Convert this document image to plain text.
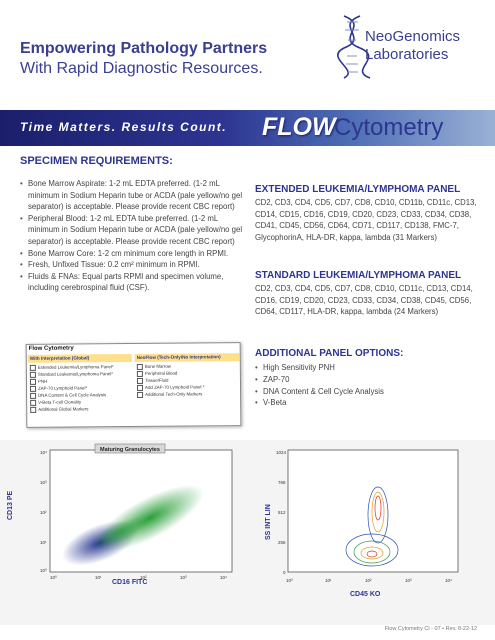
Empowering Pathology Partners
With Rapid Diagnostic Resources.
NeoGenomics
Laboratories
Time Matters. Results Count. FLOW
Cytometry
SPECIMEN REQUIREMENTS:
• Bone Marrow Aspirate: 1-2 mL EDTA preferred. (1-2 mL minimum in Sodium Heparin tube or ACDA (pale yellow/no gel separator) is acceptable. Please provide recent CBC report)
• Peripheral Blood: 1-2 mL EDTA tube preferred. (1-2 mL minimum in Sodium Heparin tube or ACDA (pale yellow/no gel separator) is acceptable. Please provide recent CBC report)
• Bone Marrow Core: 1-2 cm minimum core length in RPMI.
• Fresh, Unfixed Tissue: 0.2 cm² minimum in RPMI.
• Fluids & FNAs: Equal parts RPMI and specimen volume, including cerebrospinal fluid (CSF).
EXTENDED LEUKEMIA/LYMPHOMA PANEL
CD2, CD3, CD4, CD5, CD7, CD8, CD10, CD11b, CD11c, CD13, CD14, CD15, CD16, CD19, CD20, CD23, CD33, CD34, CD38, CD41, CD45, CD56, CD64, CD71, CD117, CD138, FMC-7, GlycophorinA, HLA-DR, kappa, lambda (31 Markers)
STANDARD LEUKEMIA/LYMPHOMA PANEL
CD2, CD3, CD4, CD5, CD7, CD8, CD10, CD11c, CD13, CD14, CD16, CD19, CD20, CD23, CD33, CD34, CD38, CD45, CD56, CD64, CD117, HLA-DR, kappa, lambda (24 Markers)
ADDITIONAL PANEL OPTIONS:
• High Sensitivity PNH
• ZAP-70
• DNA Content & Cell Cycle Analysis
• V-Beta
Flow Cytometry
With Interpretation (Global)	NeoFlow (Tech-Only/No Interpretation)
Extended Leukemia/Lymphoma Panel*
Standard Leukemia/Lymphoma Panel*
PNH
ZAP-70 Lymphoid Panel*
DNA Content & Cell Cycle Analysis
V-Beta T-cell Clonality
Additional Global Markers
Bone Marrow
Peripheral Blood
Tissue/Fluid
Add ZAP-70 Lymphoid Panel *
Additional Tech-Only Markers
Maturing Granulocytes
CD13 PE
CD16 FITC
10⁴
10³
10²
10¹
10⁰
10⁰	10¹	10²	10³	10⁴
SS INT LIN
CD45 KO
1024
768
512
256
0
10⁰	10¹	10²	10³	10⁴
Flow Cytometry Cl - 07 • Rev. 8-22-12
